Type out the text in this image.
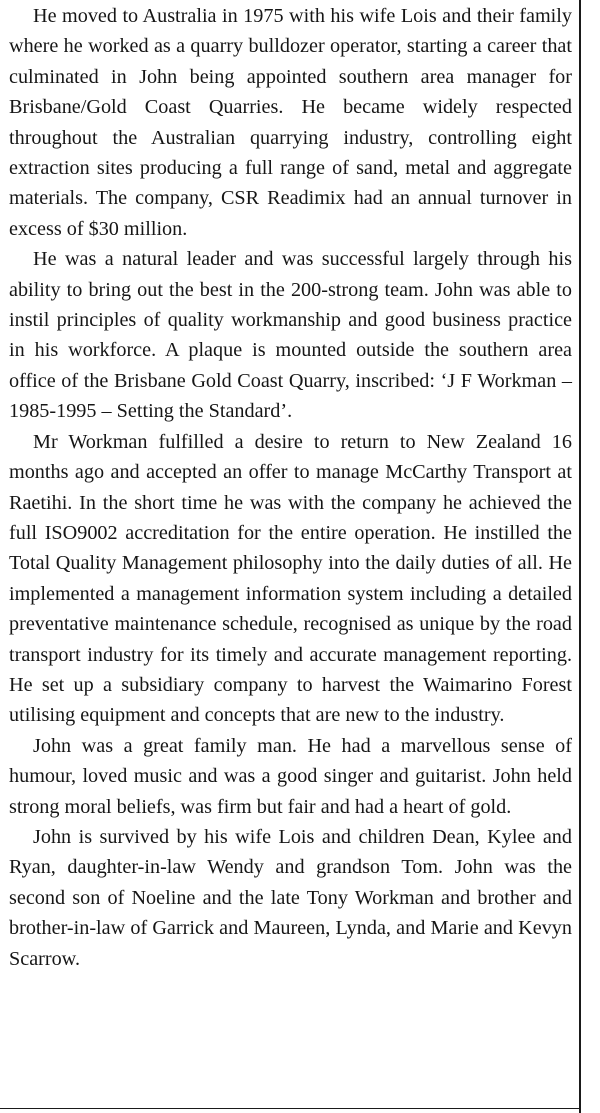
He moved to Australia in 1975 with his wife Lois and their family where he worked as a quarry bulldozer operator, starting a career that culminated in John being appointed southern area manager for Brisbane/Gold Coast Quarries. He became widely respected throughout the Australian quarrying industry, controlling eight extraction sites producing a full range of sand, metal and aggregate materials. The company, CSR Readimix had an annual turnover in excess of $30 million.

He was a natural leader and was successful largely through his ability to bring out the best in the 200-strong team. John was able to instil principles of quality workmanship and good business practice in his workforce. A plaque is mounted outside the southern area office of the Brisbane Gold Coast Quarry, inscribed: ‘J F Workman – 1985-1995 – Setting the Standard’.

Mr Workman fulfilled a desire to return to New Zealand 16 months ago and accepted an offer to manage McCarthy Transport at Raetihi. In the short time he was with the company he achieved the full ISO9002 accreditation for the entire operation. He instilled the Total Quality Management philosophy into the daily duties of all. He implemented a management information system including a detailed preventative maintenance schedule, recognised as unique by the road transport industry for its timely and accurate management reporting. He set up a subsidiary company to harvest the Waimarino Forest utilising equipment and concepts that are new to the industry.

John was a great family man. He had a marvellous sense of humour, loved music and was a good singer and guitarist. John held strong moral beliefs, was firm but fair and had a heart of gold.

John is survived by his wife Lois and children Dean, Kylee and Ryan, daughter-in-law Wendy and grandson Tom. John was the second son of Noeline and the late Tony Workman and brother and brother-in-law of Garrick and Maureen, Lynda, and Marie and Kevyn Scarrow.
